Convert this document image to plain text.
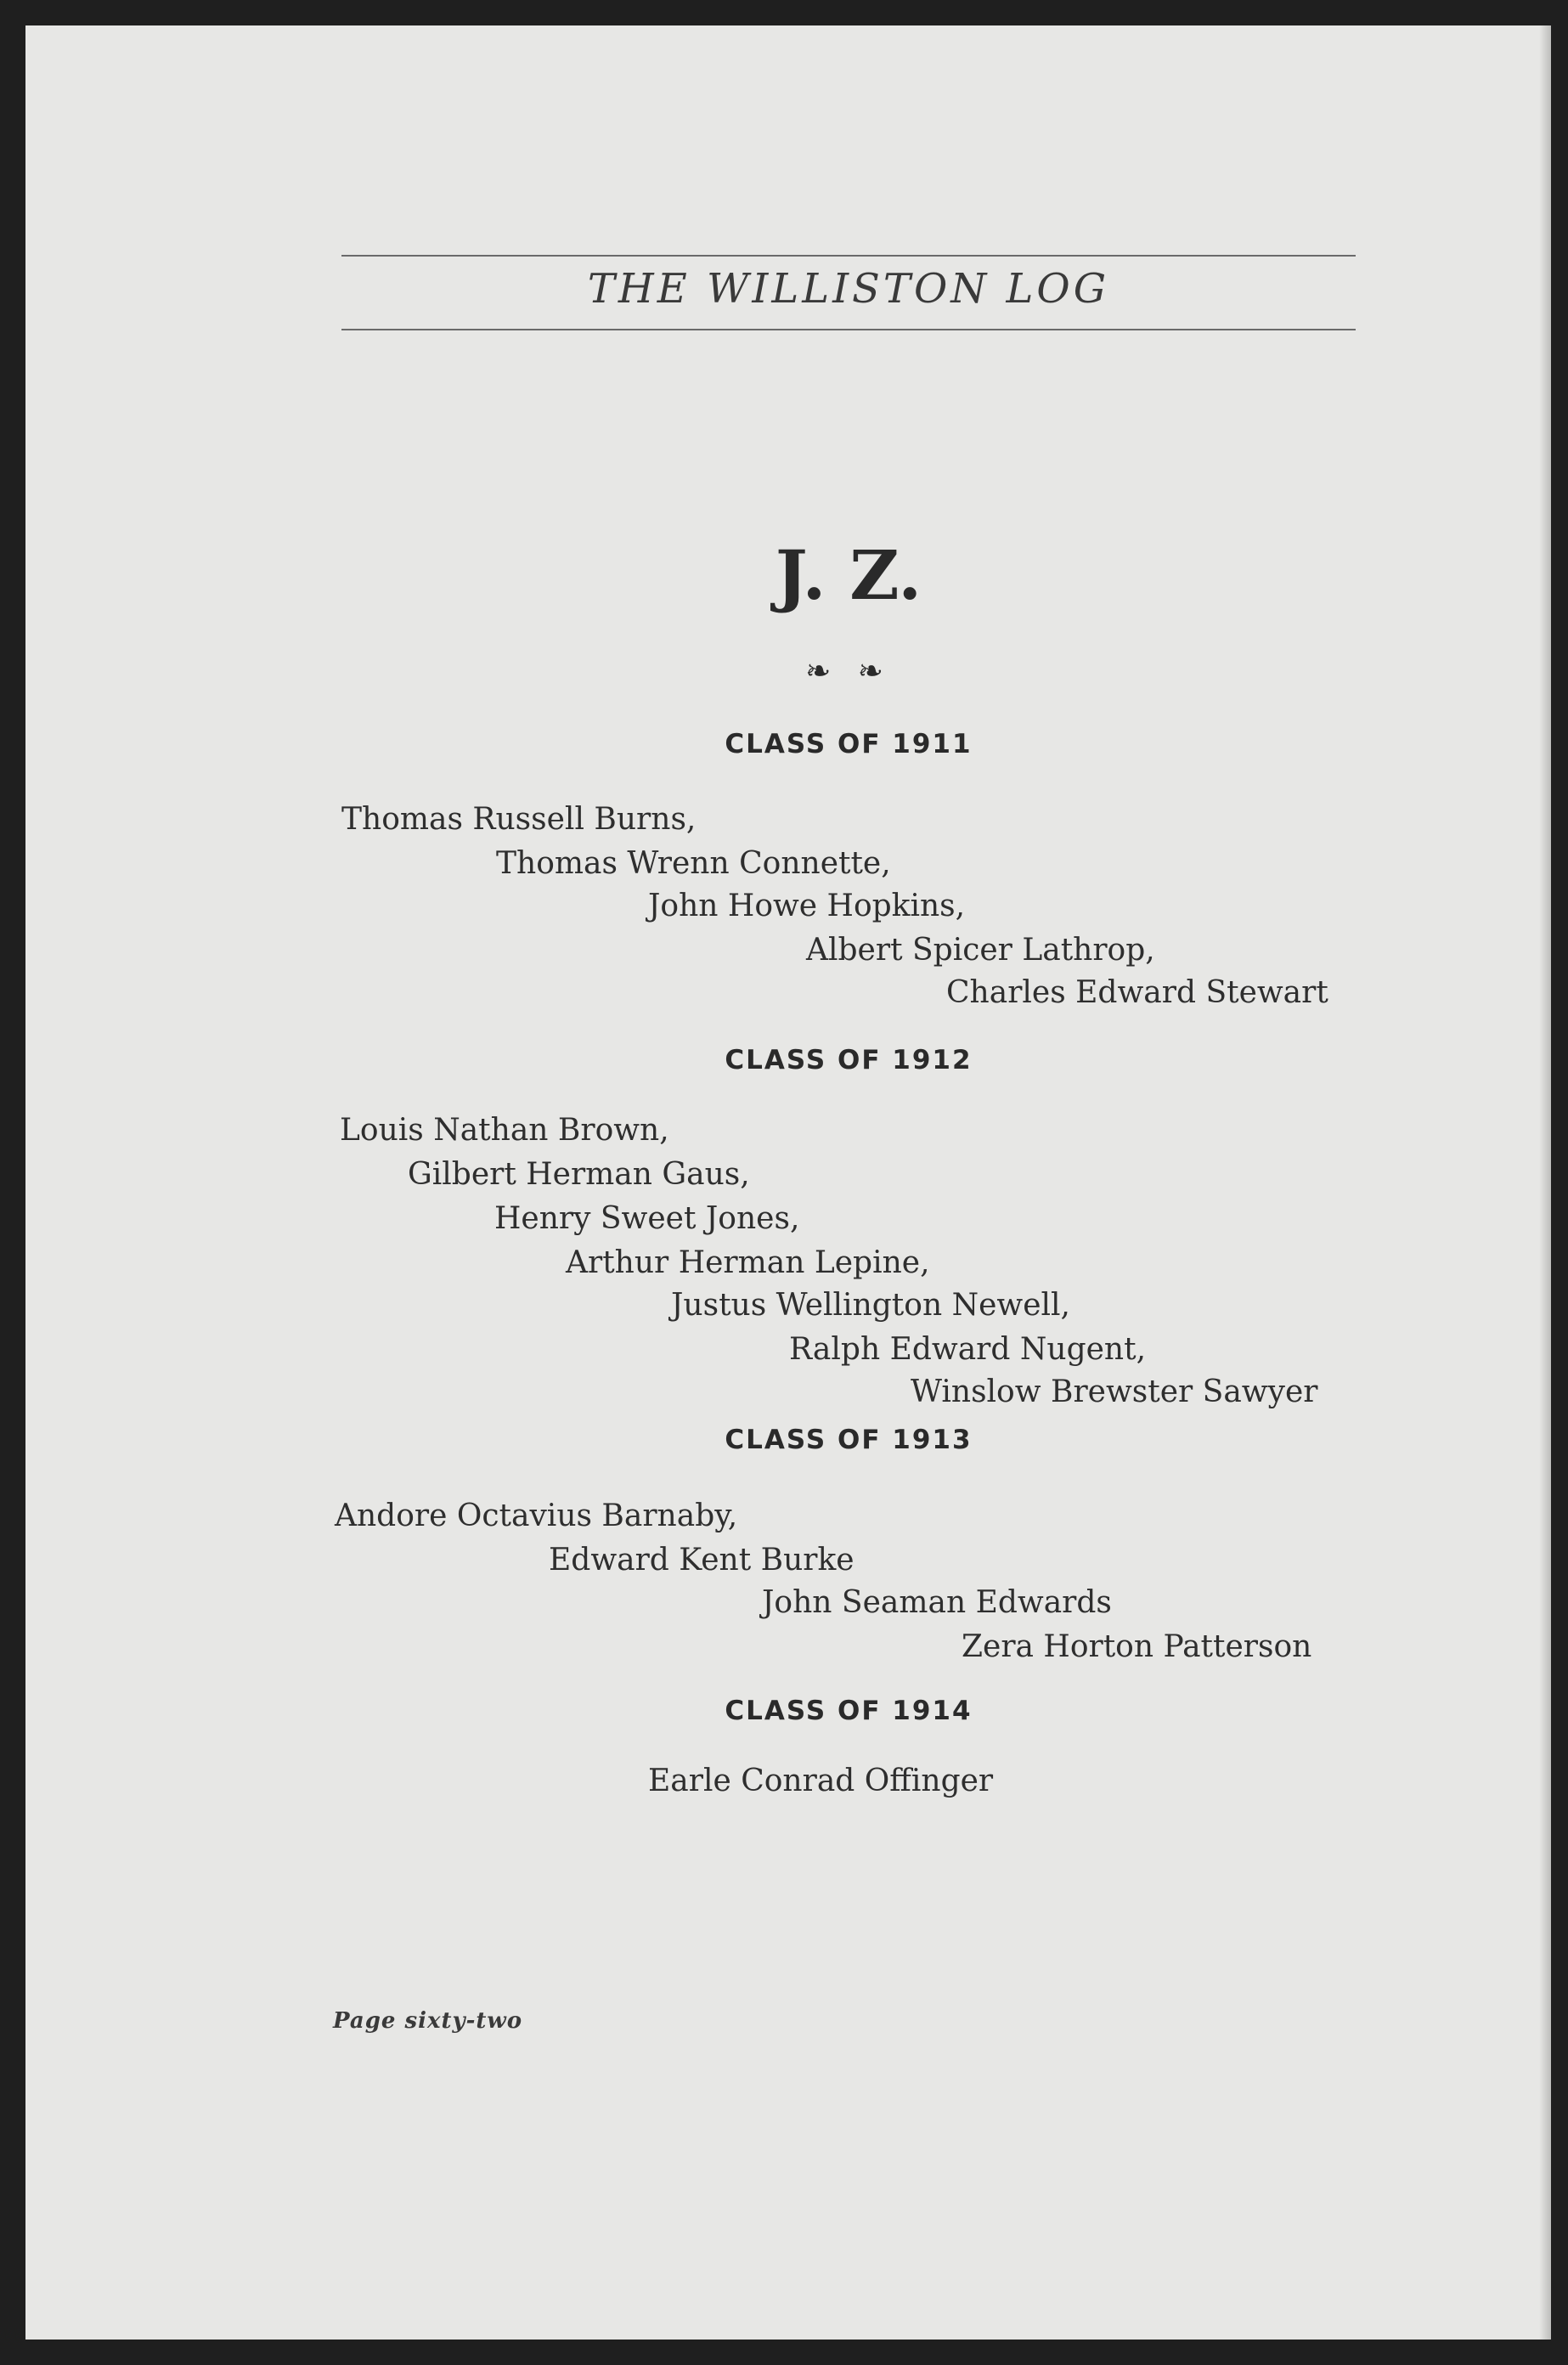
THE WILLISTON LOG
J. Z.
❧ ❧
CLASS OF 1911
Thomas Russell Burns,
Thomas Wrenn Connette,
John Howe Hopkins,
Albert Spicer Lathrop,
Charles Edward Stewart
CLASS OF 1912
Louis Nathan Brown,
Gilbert Herman Gaus,
Henry Sweet Jones,
Arthur Herman Lepine,
Justus Wellington Newell,
Ralph Edward Nugent,
Winslow Brewster Sawyer
CLASS OF 1913
Andore Octavius Barnaby,
Edward Kent Burke
John Seaman Edwards
Zera Horton Patterson
CLASS OF 1914
Earle Conrad Offinger
Page sixty-two
